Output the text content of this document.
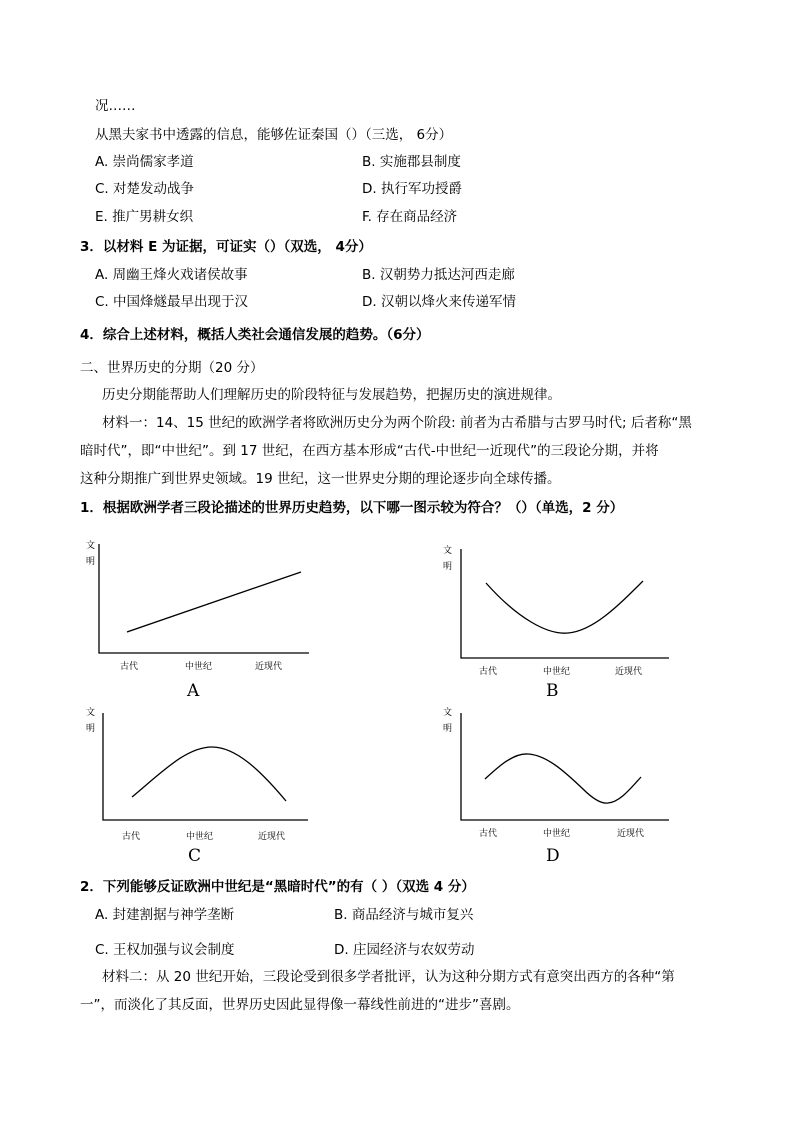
况……
从黑夫家书中透露的信息，能够佐证秦国（）（三选， 6分）
A. 崇尚儒家孝道	B. 实施郡县制度
C. 对楚发动战争	D. 执行军功授爵
E. 推广男耕女织	F. 存在商品经济
3．以材料 E 为证据，可证实（）（双选， 4分）
A. 周幽王烽火戏诸侯故事	B. 汉朝势力抵达河西走廊
C. 中国烽燧最早出现于汉	D. 汉朝以烽火来传递军情
4．综合上述材料，概括人类社会通信发展的趋势。（6分）
二、世界历史的分期（20 分）
历史分期能帮助人们理解历史的阶段特征与发展趋势，把握历史的演进规律。
材料一：14、15 世纪的欧洲学者将欧洲历史分为两个阶段: 前者为古希腊与古罗马时代; 后者称“黑
暗时代”，即“中世纪”。到 17 世纪，在西方基本形成“古代-中世纪一近现代”的三段论分期，并将
这种分期推广到世界史领域。19 世纪，这一世界史分期的理论逐步向全球传播。
1．根据欧洲学者三段论描述的世界历史趋势，以下哪一图示较为符合？（）（单选，2 分）
文
明
古代	中世纪	近现代
A
文
明
古代	中世纪	近现代
B
文
明
古代	中世纪	近现代
C
文
明
古代	中世纪	近现代
D
2．下列能够反证欧洲中世纪是“黑暗时代”的有（ ）（双选 4 分）
A. 封建割据与神学垄断	B. 商品经济与城市复兴
C. 王权加强与议会制度	D. 庄园经济与农奴劳动
材料二：从 20 世纪开始，三段论受到很多学者批评，认为这种分期方式有意突出西方的各种“第
一”，而淡化了其反面，世界历史因此显得像一幕线性前进的“进步”喜剧。
